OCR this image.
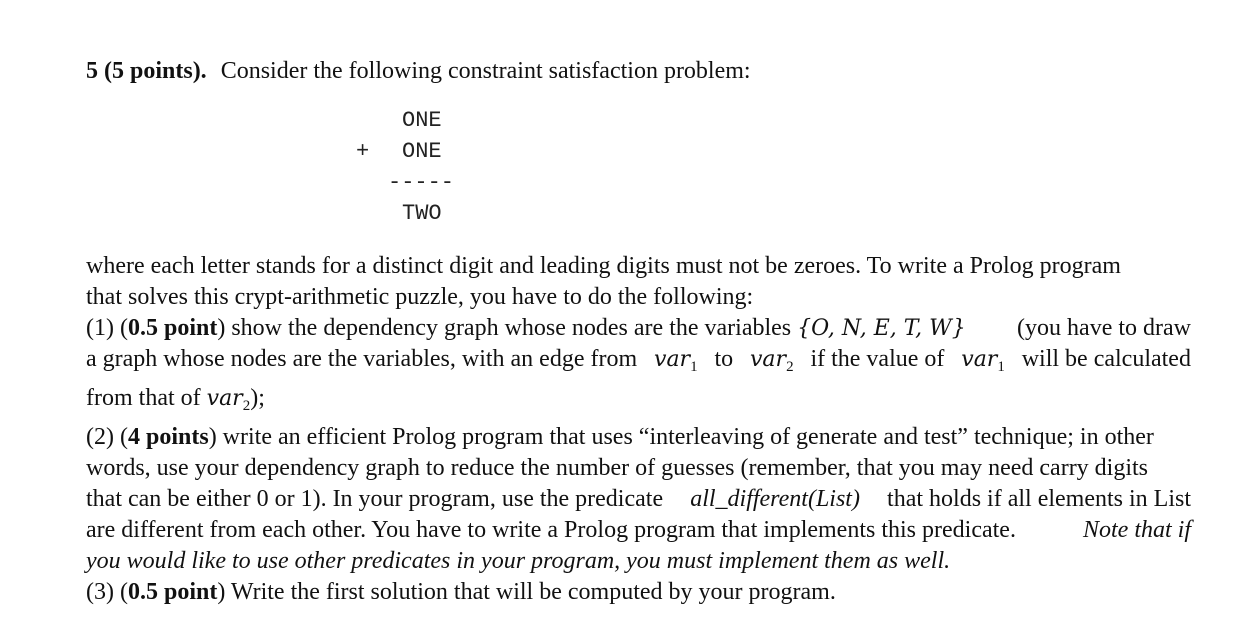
5 (5 points). Consider the following constraint satisfaction problem:
ONE
+ ONE
-----
TWO
where each letter stands for a distinct digit and leading digits must not be zeroes. To write a Prolog program
that solves this crypt-arithmetic puzzle, you have to do the following:
(1) (0.5 point) show the dependency graph whose nodes are the variables {O, N, E, T, W} (you have to draw
a graph whose nodes are the variables, with an edge from var$_1$ to var$_2$ if the value of var$_1$ will be calculated
from that of var$_2$);
(2) (4 points) write an efficient Prolog program that uses “interleaving of generate and test” technique; in other
words, use your dependency graph to reduce the number of guesses (remember, that you may need carry digits
that can be either 0 or 1). In your program, use the predicate all_different(List) that holds if all elements in List
are different from each other. You have to write a Prolog program that implements this predicate.	Note that if
you would like to use other predicates in your program, you must implement them as well.
(3) (0.5 point) Write the first solution that will be computed by your program.
